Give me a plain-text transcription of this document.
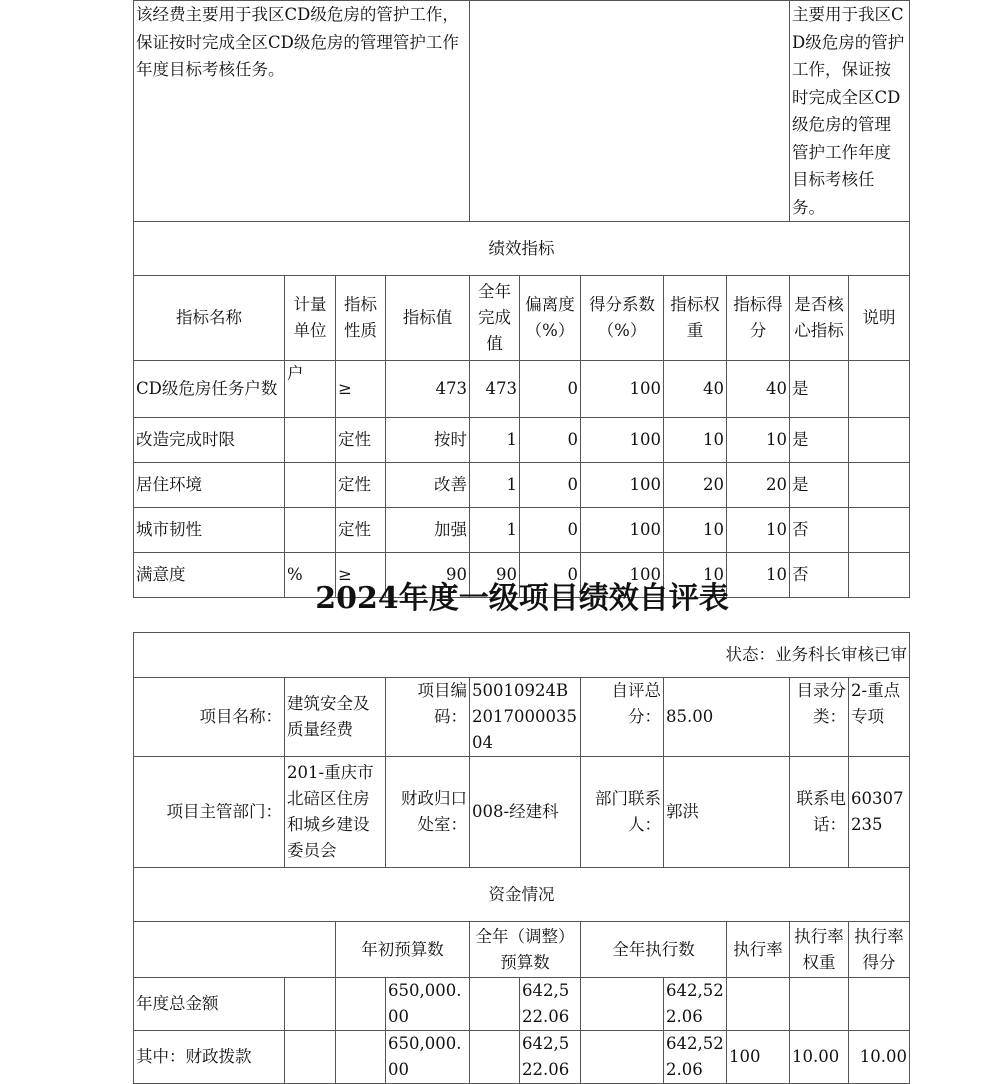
该经费主要用于我区CD级危房的管护工作，保证按时完成全区CD级危房的管理管护工作年度目标考核任务。									主要用于我区CD级危房的管护工作，保证按时完成全区CD级危房的管理管护工作年度目标考核任务。	
绩效指标										
指标名称	计量单位	指标性质	指标值	全年完成值	偏离度（%）	得分系数（%）	指标权重	指标得分	是否核心指标	说明
CD级危房任务户数	户	≥	473	473	0	100	40	40	是	
改造完成时限		定性	按时	1	0	100	10	10	是	
居住环境		定性	改善	1	0	100	20	20	是	
城市韧性		定性	加强	1	0	100	10	10	否	
满意度	%	≥	90	90	0	100	10	10	否	
2024年度一级项目绩效自评表
状态：业务科长审核已审										
项目名称：	建筑安全及质量经费		项目编码：	50010924B201700003504		自评总分：	85.00		目录分类：	2-重点专项
项目主管部门：	201-重庆市北碚区住房和城乡建设委员会		财政归口处室：	008-经建科		部门联系人：	郭洪		联系电话：	60307235
资金情况										
		年初预算数		全年（调整）预算数		全年执行数		执行率	执行率权重	执行率得分
年度总金额			650,000.00		642,522.06		642,522.06			
其中：财政拨款			650,000.00		642,522.06		642,522.06	100	10.00	10.00
